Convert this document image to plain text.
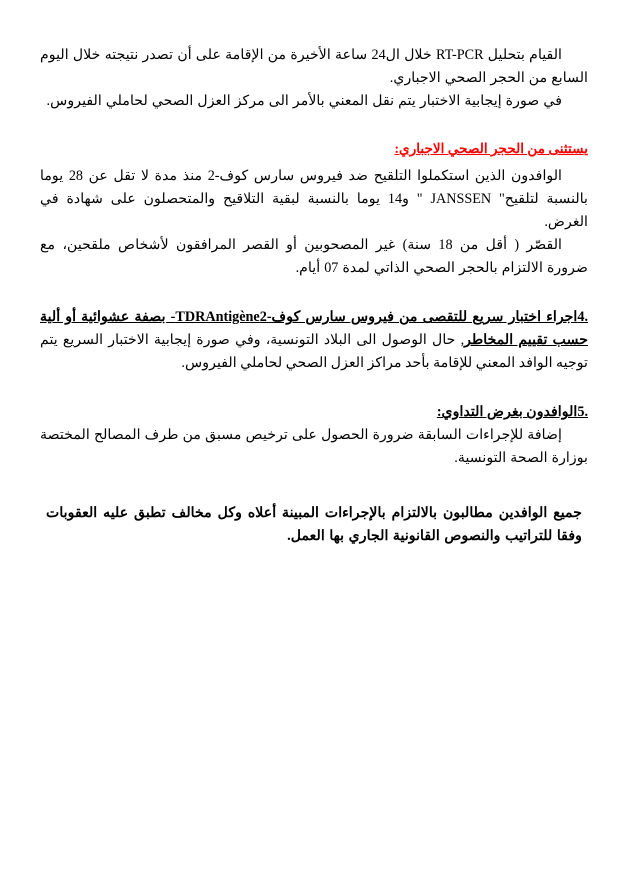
القيام بتحليل RT-PCR خلال ال24 ساعة الأخيرة من الإقامة على أن تصدر نتيجته خلال اليوم السابع من الحجر الصحي الاجباري.

في صورة إيجابية الاختبار يتم نقل المعني بالأمر الى مركز العزل الصحي لحاملي الفيروس.

يستثنى من الحجر الصحي الاجباري:

الوافدون الذين استكملوا التلقيح ضد فيروس سارس كوف-2 منذ مدة لا تقل عن 28 يوما بالنسبة لتلقيح" JANSSEN " و14 يوما بالنسبة لبقية التلاقيح والمتحصلون على شهادة في الغرض.

القصّر ( أقل من 18 سنة) غير المصحوبين أو القصر المرافقون لأشخاص ملقحين، مع ضرورة الالتزام بالحجر الصحي الذاتي لمدة 07 أيام.

4.اجراء اختبار سريع للتقصى من فيروس سارس كوف-2AntigèneTDR- بصفة عشوائية أو ألية حسب تقييم المخاطر, حال الوصول الى البلاد التونسية، وفي صورة إيجابية الاختبار السريع يتم توجيه الوافد المعني للإقامة بأحد مراكز العزل الصحي لحاملي الفيروس.

5.الوافدون بغرض التداوي:

إضافة للإجراءات السابقة ضرورة الحصول على ترخيص مسبق من طرف المصالح المختصة بوزارة الصحة التونسية.

جميع الوافدين مطالبون بالالتزام بالإجراءات المبينة أعلاه وكل مخالف تطبق عليه العقوبات وفقا للتراتيب والنصوص القانونية الجاري بها العمل.
